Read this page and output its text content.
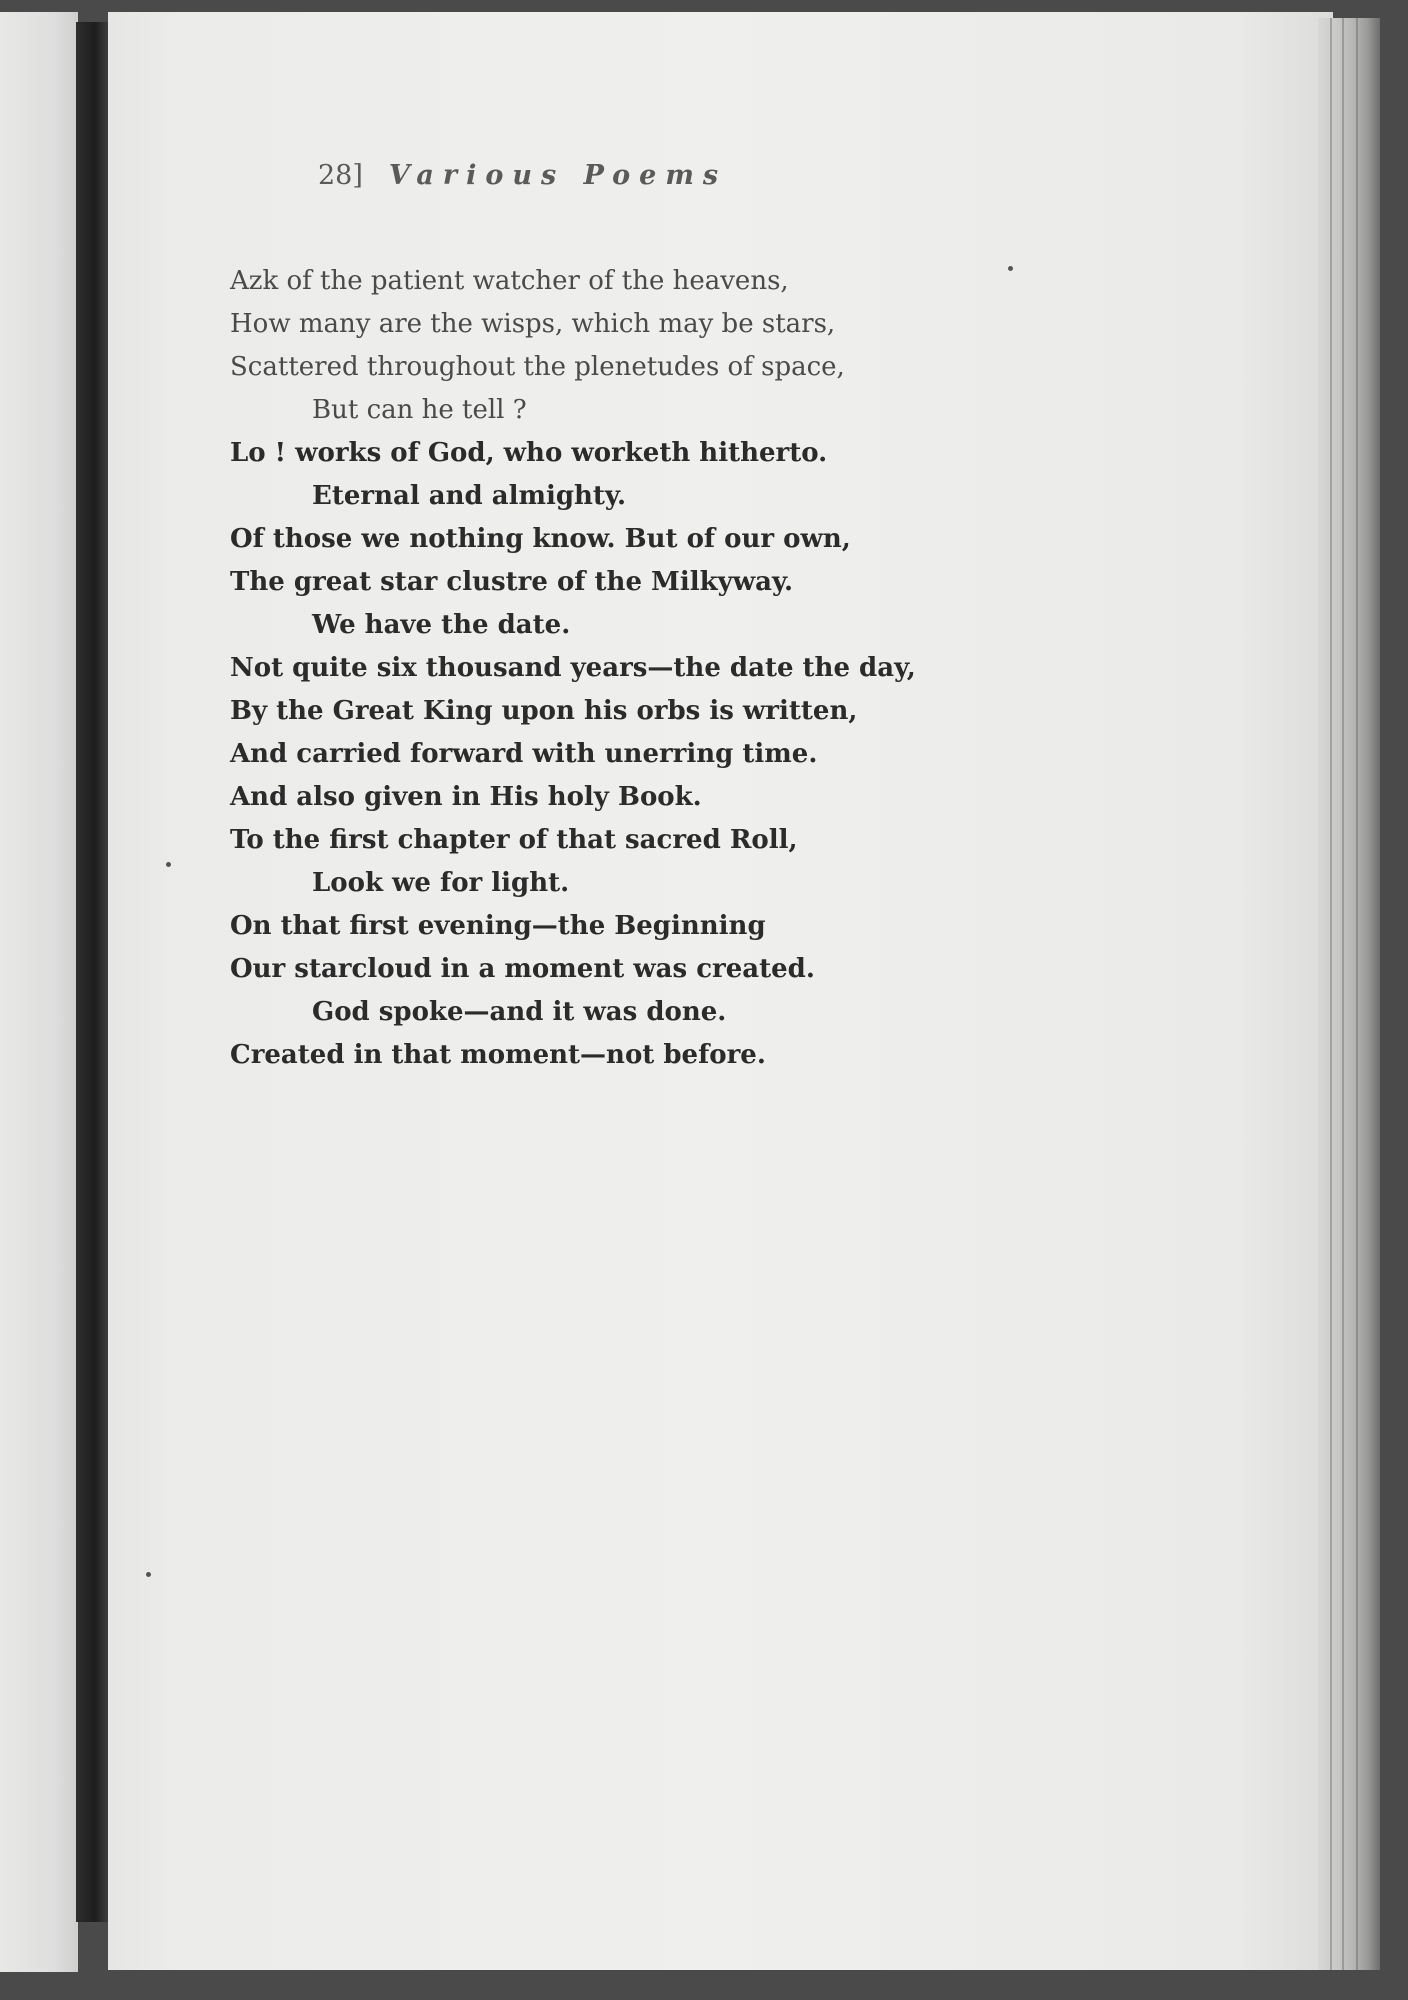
28] Various Poems
Azk of the patient watcher of the heavens,
How many are the wisps, which may be stars,
Scattered throughout the plenetudes of space,
But can he tell ?
Lo ! works of God, who worketh hitherto.
Eternal and almighty.
Of those we nothing know. But of our own,
The great star clustre of the Milkyway.
We have the date.
Not quite six thousand years—the date the day,
By the Great King upon his orbs is written,
And carried forward with unerring time.
And also given in His holy Book.
To the first chapter of that sacred Roll,
Look we for light.
On that first evening—the Beginning
Our starcloud in a moment was created.
God spoke—and it was done.
Created in that moment—not before.
